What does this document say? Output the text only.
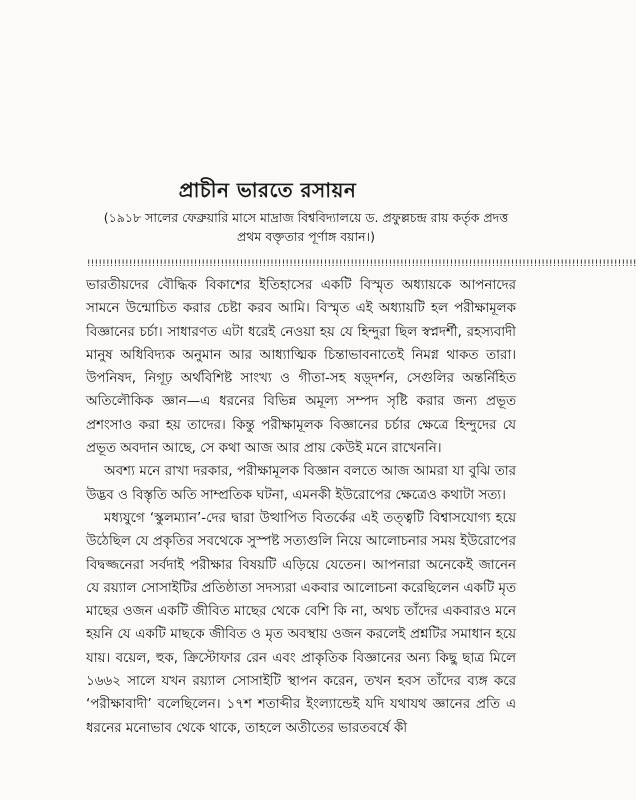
প্রাচীন ভারতে রসায়ন

(১৯১৮ সালের ফেব্রুয়ারি মাসে মাদ্রাজ বিশ্ববিদ্যালয়ে ড. প্রফুল্লচন্দ্র রায় কর্তৃক প্রদত্ত প্রথম বক্তৃতার পূর্ণাঙ্গ বয়ান।)

!!!!!!!!!!!!!!!!!!!!!!!!!!!!!!!!!!!!!!!!!!!!!!!!!!!!!!!!!!!!!!!!!!!!!!!!!!!!!!!!!!!!!!!!!!!!!!!!!!!!!!!!!!!!!!!!!!!!!!!!!!!!!!!!!!!!!!!!!!!!!!!!

ভারতীয়দের বৌদ্ধিক বিকাশের ইতিহাসের একটি বিস্মৃত অধ্যায়কে আপনাদের সামনে উন্মোচিত করার চেষ্টা করব আমি। বিস্মৃত এই অধ্যায়টি হল পরীক্ষামূলক বিজ্ঞানের চর্চা। সাধারণত এটা ধরেই নেওয়া হয় যে হিন্দুরা ছিল স্বপ্নদর্শী, রহস্যবাদী মানুষ অধিবিদ্যক অনুমান আর আধ্যাত্মিক চিন্তাভাবনাতেই নিমগ্ন থাকত তারা। উপনিষদ, নিগূঢ় অর্থবিশিষ্ট সাংখ্য ও গীতা-সহ ষড়্দর্শন, সেগুলির অন্তর্নিহিত অতিলৌকিক জ্ঞান—এ ধরনের বিভিন্ন অমূল্য সম্পদ সৃষ্টি করার জন্য প্রভূত প্রশংসাও করা হয় তাদের। কিন্তু পরীক্ষামূলক বিজ্ঞানের চর্চার ক্ষেত্রে হিন্দুদের যে প্রভূত অবদান আছে, সে কথা আজ আর প্রায় কেউই মনে রাখেননি।

অবশ্য মনে রাখা দরকার, পরীক্ষামূলক বিজ্ঞান বলতে আজ আমরা যা বুঝি তার উদ্ভব ও বিস্তৃতি অতি সাম্প্রতিক ঘটনা, এমনকী ইউরোপের ক্ষেত্রেও কথাটা সত্য।

মধ্যযুগে ‘স্কুলম্যান’-দের দ্বারা উত্থাপিত বিতর্কের এই তত্ত্বটি বিশ্বাসযোগ্য হয়ে উঠেছিল যে প্রকৃতির সবথেকে সুস্পষ্ট সত্যগুলি নিয়ে আলোচনার সময় ইউরোপের বিদ্বজ্জনেরা সর্বদাই পরীক্ষার বিষয়টি এড়িয়ে যেতেন। আপনারা অনেকেই জানেন যে রয়্যাল সোসাইটির প্রতিষ্ঠাতা সদস্যরা একবার আলোচনা করেছিলেন একটি মৃত মাছের ওজন একটি জীবিত মাছের থেকে বেশি কি না, অথচ তাঁদের একবারও মনে হয়নি যে একটি মাছকে জীবিত ও মৃত অবস্থায় ওজন করলেই প্রশ্নটির সমাধান হয়ে যায়। বয়েল, হুক, ক্রিস্টোফার রেন এবং প্রাকৃতিক বিজ্ঞানের অন্য কিছু ছাত্র মিলে ১৬৬২ সালে যখন রয়্যাল সোসাইটি স্থাপন করেন, তখন হবস তাঁদের ব্যঙ্গ করে ‘পরীক্ষাবাদী’ বলেছিলেন। ১৭শ শতাব্দীর ইংল্যান্ডেই যদি যথাযথ জ্ঞানের প্রতি এ ধরনের মনোভাব থেকে থাকে, তাহলে অতীতের ভারতবর্ষে কী
